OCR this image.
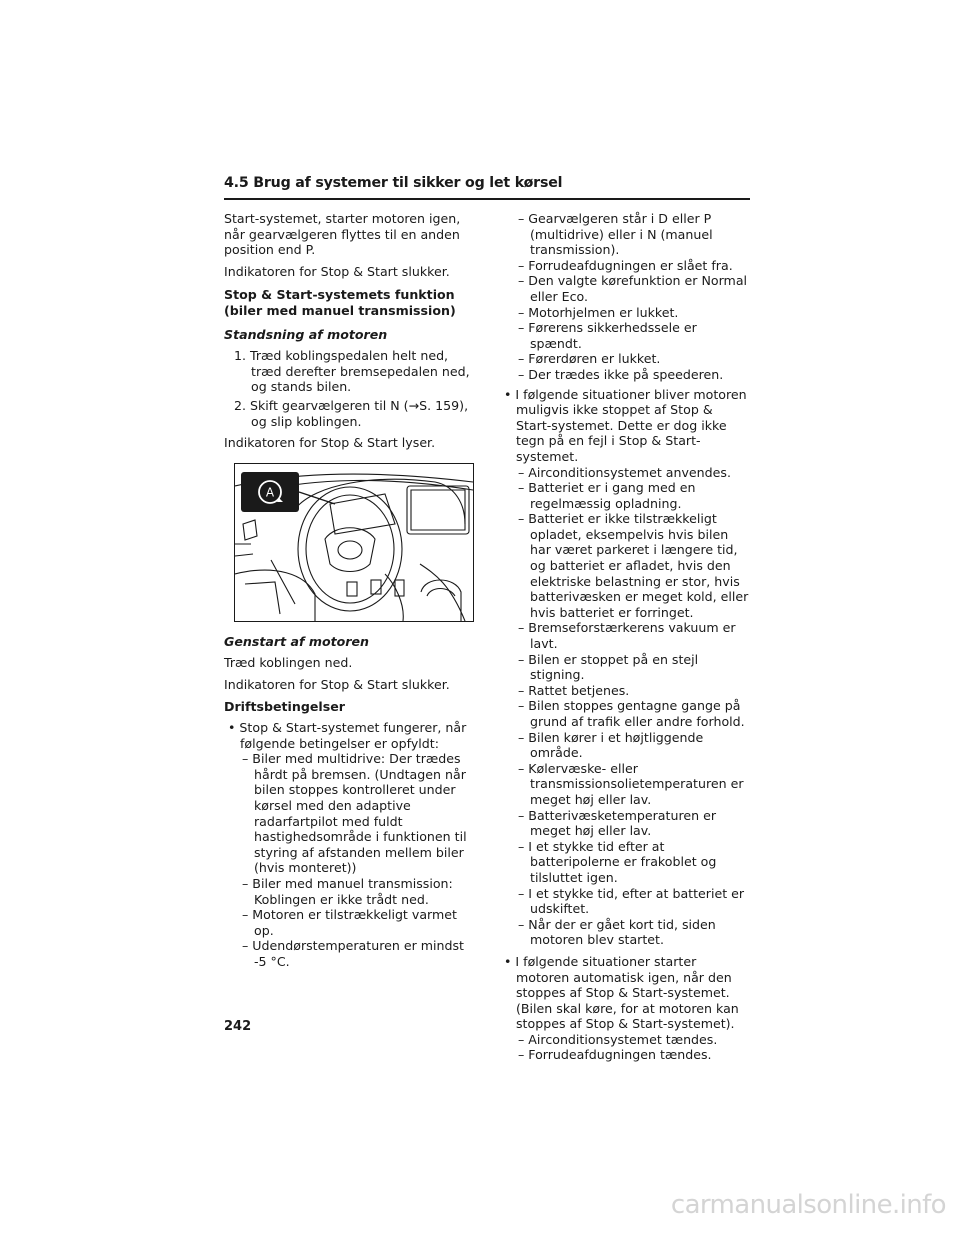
4.5 Brug af systemer til sikker og let kørsel

Start-systemet, starter motoren igen, når gearvælgeren flyttes til en anden position end P.

Indikatoren for Stop & Start slukker.

Stop & Start-systemets funktion (biler med manuel transmission)

Standsning af motoren

1. Træd koblingspedalen helt ned, træd derefter bremsepedalen ned, og stands bilen.

2. Skift gearvælgeren til N (→S. 159), og slip koblingen.

Indikatoren for Stop & Start lyser.

A

Genstart af motoren

Træd koblingen ned.

Indikatoren for Stop & Start slukker.

Driftsbetingelser

• Stop & Start-systemet fungerer, når følgende betingelser er opfyldt:

– Biler med multidrive: Der trædes hårdt på bremsen. (Undtagen når bilen stoppes kontrolleret under kørsel med den adaptive radarfartpilot med fuldt hastighedsområde i funktionen til styring af afstanden mellem biler (hvis monteret))

– Biler med manuel transmission: Koblingen er ikke trådt ned.

– Motoren er tilstrækkeligt varmet op.

– Udendørstemperaturen er mindst -5 °C.

– Gearvælgeren står i D eller P (multidrive) eller i N (manuel transmission).

– Forrudeafdugningen er slået fra.

– Den valgte kørefunktion er Normal eller Eco.

– Motorhjelmen er lukket.

– Førerens sikkerhedssele er spændt.

– Førerdøren er lukket.

– Der trædes ikke på speederen.

• I følgende situationer bliver motoren muligvis ikke stoppet af Stop & Start-systemet. Dette er dog ikke tegn på en fejl i Stop & Start-systemet.

– Airconditionsystemet anvendes.

– Batteriet er i gang med en regelmæssig opladning.

– Batteriet er ikke tilstrækkeligt opladet, eksempelvis hvis bilen har været parkeret i længere tid, og batteriet er afladet, hvis den elektriske belastning er stor, hvis batterivæsken er meget kold, eller hvis batteriet er forringet.

– Bremseforstærkerens vakuum er lavt.

– Bilen er stoppet på en stejl stigning.

– Rattet betjenes.

– Bilen stoppes gentagne gange på grund af trafik eller andre forhold.

– Bilen kører i et højtliggende område.

– Kølervæske- eller transmissionsolietemperaturen er meget høj eller lav.

– Batterivæsketemperaturen er meget høj eller lav.

– I et stykke tid efter at batteripolerne er frakoblet og tilsluttet igen.

– I et stykke tid, efter at batteriet er udskiftet.

– Når der er gået kort tid, siden motoren blev startet.

• I følgende situationer starter motoren automatisk igen, når den stoppes af Stop & Start-systemet. (Bilen skal køre, for at motoren kan stoppes af Stop & Start-systemet).

– Airconditionsystemet tændes.

– Forrudeafdugningen tændes.

242
carmanualsonline.info
